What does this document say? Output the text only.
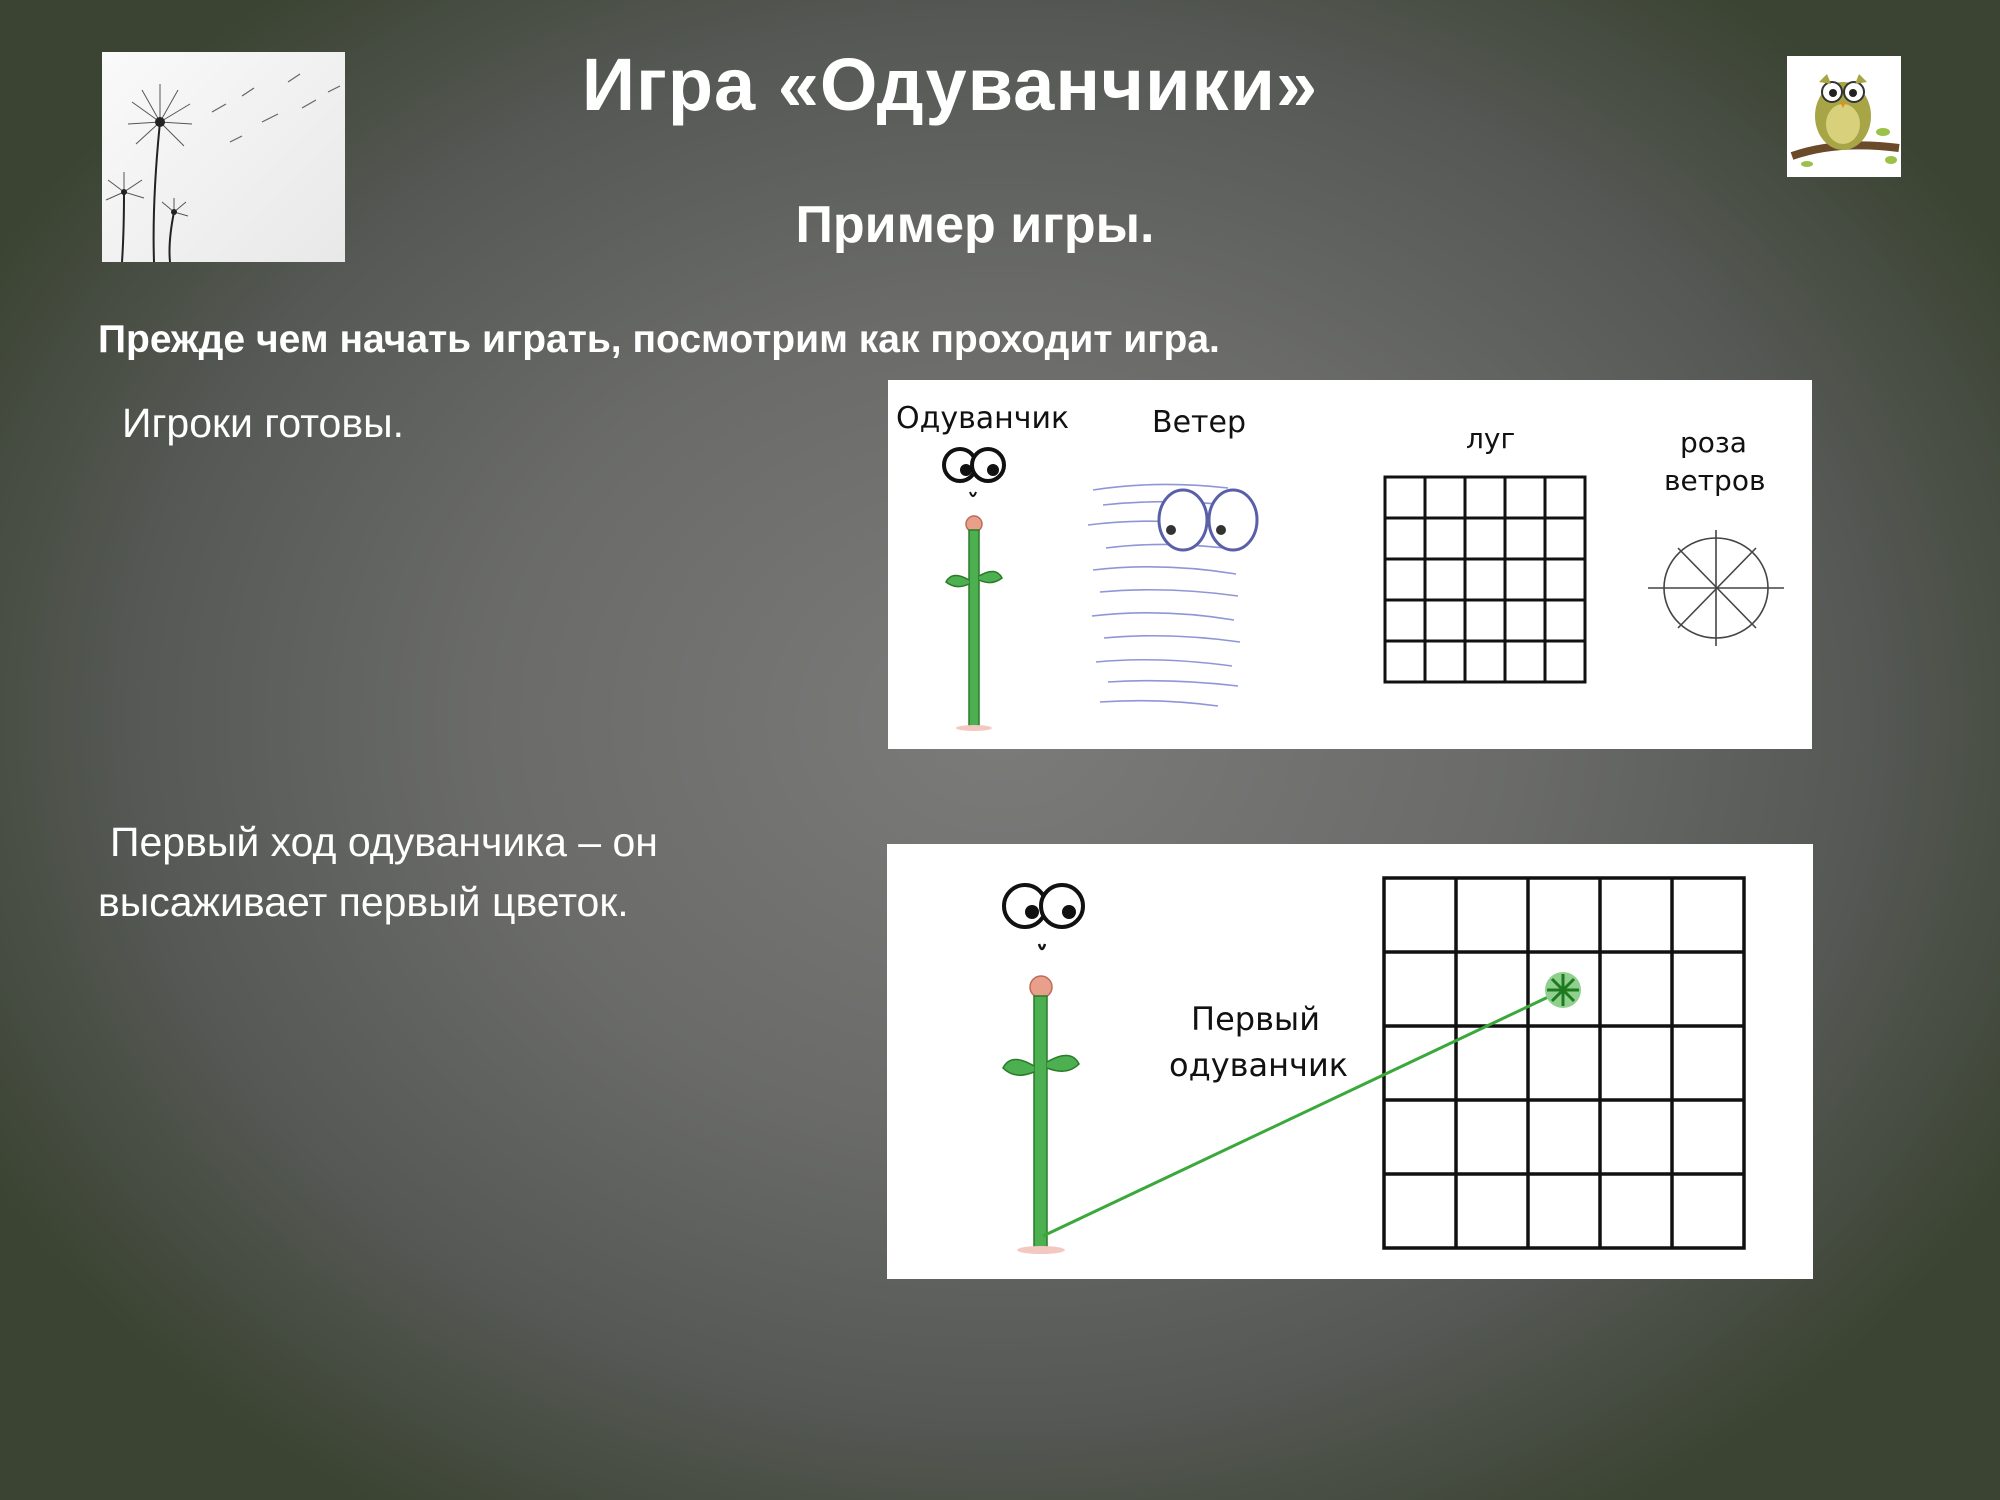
Игра «Одуванчики»
Пример игры.
Прежде чем начать играть, посмотрим как проходит игра.
Игроки готовы.
Первый ход одуванчика – он высаживает первый цветок.
Одуванчик	Ветер	луг	роза
ветров
Первый
одуванчик
